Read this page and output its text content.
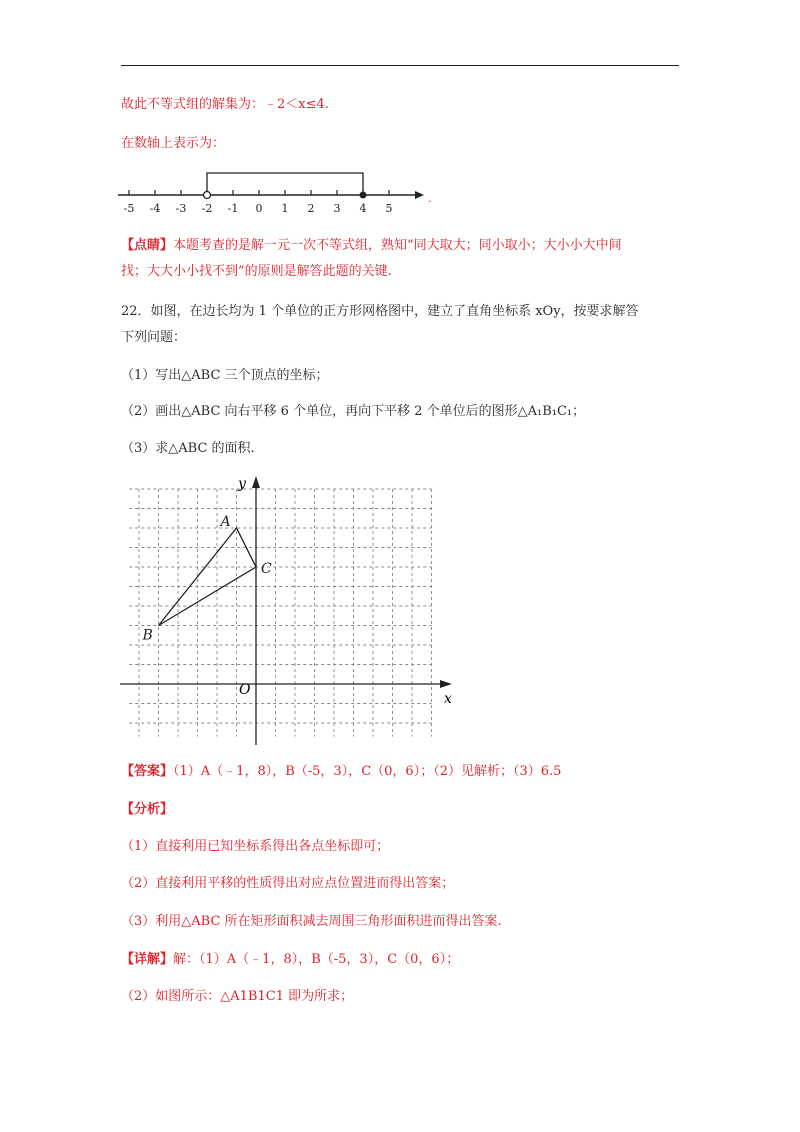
故此不等式组的解集为：﹣2＜x≤4.
在数轴上表示为：
-5 -4 -3 -2 -1 0 1 2 3 4 5
.
【点睛】本题考查的是解一元一次不等式组，熟知“同大取大；同小取小；大小小大中间
找；大大小小找不到”的原则是解答此题的关键.
22．如图，在边长均为 1 个单位的正方形网格图中，建立了直角坐标系 xOy，按要求解答
下列问题：
（1）写出△ABC 三个顶点的坐标；
（2）画出△ABC 向右平移 6 个单位，再向下平移 2 个单位后的图形△A₁B₁C₁；
（3）求△ABC 的面积.
x
y
O
A
B
C
【答案】（1）A（﹣1，8），B（-5，3），C（0，6）；（2）见解析；（3）6.5
【分析】
（1）直接利用已知坐标系得出各点坐标即可；
（2）直接利用平移的性质得出对应点位置进而得出答案；
（3）利用△ABC 所在矩形面积减去周围三角形面积进而得出答案.
【详解】解：（1）A（﹣1，8），B（-5，3），C（0，6）；
（2）如图所示：△A1B1C1 即为所求；
